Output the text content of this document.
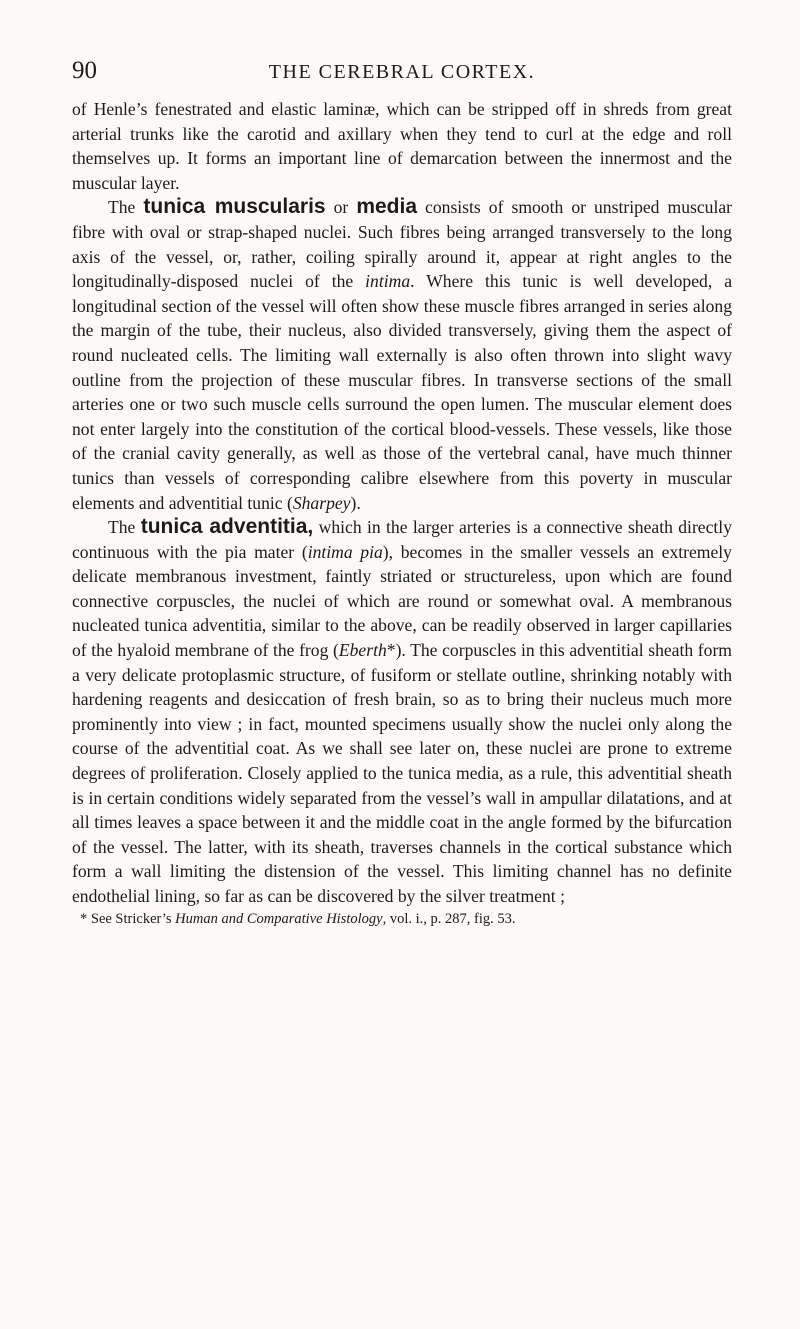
90	THE CEREBRAL CORTEX.

of Henle’s fenestrated and elastic laminæ, which can be stripped off in shreds from great arterial trunks like the carotid and axillary when they tend to curl at the edge and roll themselves up. It forms an important line of demarcation between the innermost and the muscular layer.

The tunica muscularis or media consists of smooth or unstriped muscular fibre with oval or strap-shaped nuclei. Such fibres being arranged transversely to the long axis of the vessel, or, rather, coiling spirally around it, appear at right angles to the longitudinally-disposed nuclei of the intima. Where this tunic is well developed, a longitudinal section of the vessel will often show these muscle fibres arranged in series along the margin of the tube, their nucleus, also divided transversely, giving them the aspect of round nucleated cells. The limiting wall externally is also often thrown into slight wavy outline from the projection of these muscular fibres. In transverse sections of the small arteries one or two such muscle cells surround the open lumen. The muscular element does not enter largely into the constitution of the cortical blood-vessels. These vessels, like those of the cranial cavity generally, as well as those of the vertebral canal, have much thinner tunics than vessels of corresponding calibre elsewhere from this poverty in muscular elements and adventitial tunic (Sharpey).

The tunica adventitia, which in the larger arteries is a connective sheath directly continuous with the pia mater (intima pia), becomes in the smaller vessels an extremely delicate membranous investment, faintly striated or structureless, upon which are found connective corpuscles, the nuclei of which are round or somewhat oval. A membranous nucleated tunica adventitia, similar to the above, can be readily observed in larger capillaries of the hyaloid membrane of the frog (Eberth*). The corpuscles in this adventitial sheath form a very delicate protoplasmic structure, of fusiform or stellate outline, shrinking notably with hardening reagents and desiccation of fresh brain, so as to bring their nucleus much more prominently into view ; in fact, mounted specimens usually show the nuclei only along the course of the adventitial coat. As we shall see later on, these nuclei are prone to extreme degrees of proliferation. Closely applied to the tunica media, as a rule, this adventitial sheath is in certain conditions widely separated from the vessel’s wall in ampullar dilatations, and at all times leaves a space between it and the middle coat in the angle formed by the bifurcation of the vessel. The latter, with its sheath, traverses channels in the cortical substance which form a wall limiting the distension of the vessel. This limiting channel has no definite endothelial lining, so far as can be discovered by the silver treatment ;

* See Stricker’s Human and Comparative Histology, vol. i., p. 287, fig. 53.
